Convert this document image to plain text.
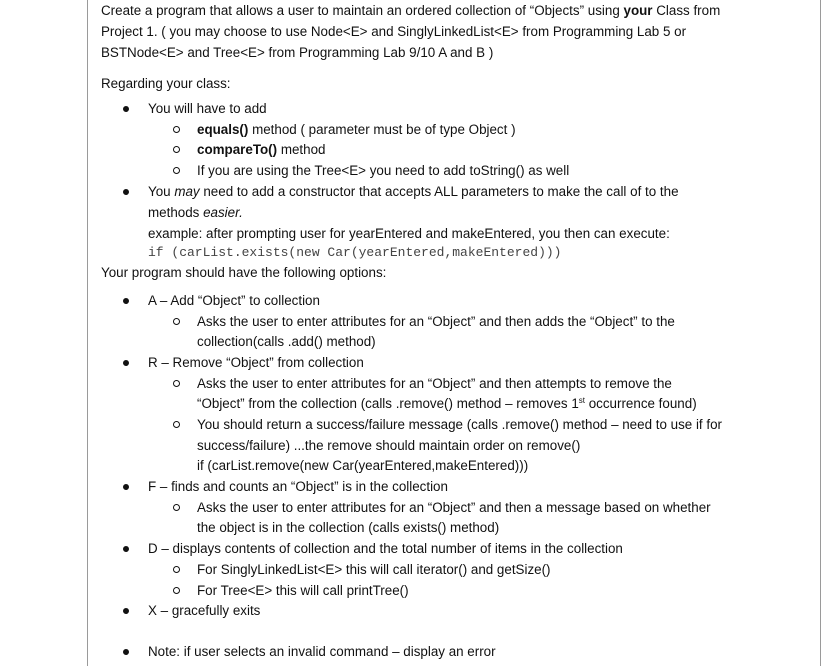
Create a program that allows a user to maintain an ordered collection of “Objects” using your Class from
Project 1. ( you may choose to use Node<E> and SinglyLinkedList<E> from Programming Lab 5 or
BSTNode<E> and Tree<E> from Programming Lab 9/10 A and B )
Regarding your class:
You will have to add
equals() method ( parameter must be of type Object )
compareTo() method
If you are using the Tree<E> you need to add toString() as well
You may need to add a constructor that accepts ALL parameters to make the call of to the
methods easier.
example: after prompting user for yearEntered and makeEntered, you then can execute:
if (carList.exists(new Car(yearEntered,makeEntered)))
Your program should have the following options:
A – Add “Object” to collection
Asks the user to enter attributes for an “Object” and then adds the “Object” to the
collection(calls .add() method)
R – Remove “Object” from collection
Asks the user to enter attributes for an “Object” and then attempts to remove the
“Object” from the collection (calls .remove() method – removes 1st occurrence found)
You should return a success/failure message (calls .remove() method – need to use if for
success/failure) ...the remove should maintain order on remove()
if (carList.remove(new Car(yearEntered,makeEntered)))
F – finds and counts an “Object” is in the collection
Asks the user to enter attributes for an “Object” and then a message based on whether
the object is in the collection (calls exists() method)
D – displays contents of collection and the total number of items in the collection
For SinglyLinkedList<E> this will call iterator() and getSize()
For Tree<E> this will call printTree()
X – gracefully exits
Note: if user selects an invalid command – display an error
